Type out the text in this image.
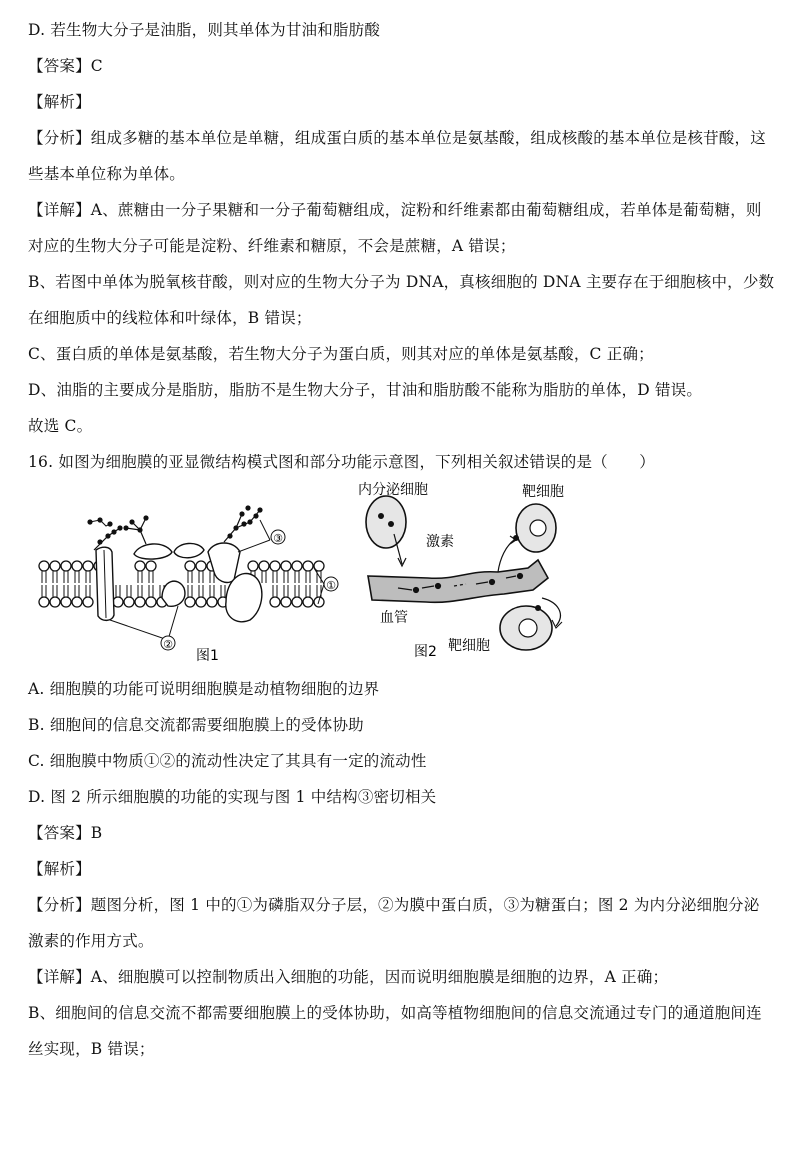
D. 若生物大分子是油脂，则其单体为甘油和脂肪酸
【答案】C
【解析】
【分析】组成多糖的基本单位是单糖，组成蛋白质的基本单位是氨基酸，组成核酸的基本单位是核苷酸，这
些基本单位称为单体。
【详解】A、蔗糖由一分子果糖和一分子葡萄糖组成，淀粉和纤维素都由葡萄糖组成，若单体是葡萄糖，则
对应的生物大分子可能是淀粉、纤维素和糖原，不会是蔗糖，A 错误；
B、若图中单体为脱氧核苷酸，则对应的生物大分子为 DNA，真核细胞的 DNA 主要存在于细胞核中，少数
在细胞质中的线粒体和叶绿体，B 错误；
C、蛋白质的单体是氨基酸，若生物大分子为蛋白质，则其对应的单体是氨基酸，C 正确；
D、油脂的主要成分是脂肪，脂肪不是生物大分子，甘油和脂肪酸不能称为脂肪的单体，D 错误。
故选 C。
16. 如图为细胞膜的亚显微结构模式图和部分功能示意图，下列相关叙述错误的是（　　）
③
①
②
图1
内分泌细胞	靶细胞
激素
血管
靶细胞
图2
A. 细胞膜的功能可说明细胞膜是动植物细胞的边界
B. 细胞间的信息交流都需要细胞膜上的受体协助
C. 细胞膜中物质①②的流动性决定了其具有一定的流动性
D. 图 2 所示细胞膜的功能的实现与图 1 中结构③密切相关
【答案】B
【解析】
【分析】题图分析，图 1 中的①为磷脂双分子层，②为膜中蛋白质，③为糖蛋白；图 2 为内分泌细胞分泌
激素的作用方式。
【详解】A、细胞膜可以控制物质出入细胞的功能，因而说明细胞膜是细胞的边界，A 正确；
B、细胞间的信息交流不都需要细胞膜上的受体协助，如高等植物细胞间的信息交流通过专门的通道胞间连
丝实现，B 错误；
